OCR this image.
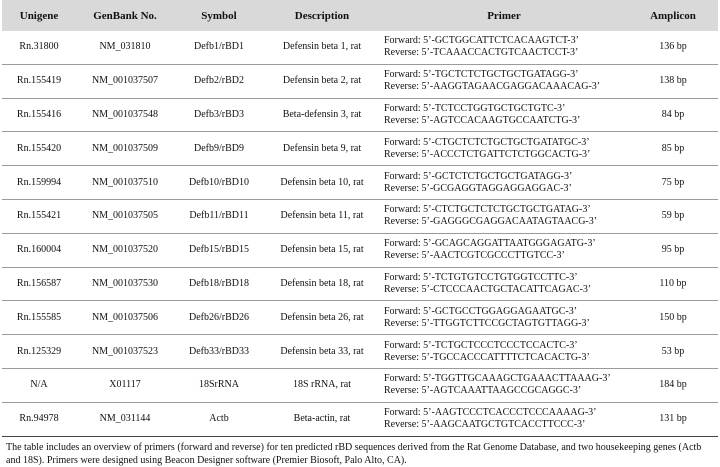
Unigene	GenBank No.	Symbol	Description	Primer	Amplicon
Rn.31800	NM_031810	Defb1/rBD1	Defensin beta 1, rat	Forward: 5’-GCTGGCATTCTCACAAGTCT-3’
Reverse: 5’-TCAAACCACTGTCAACTCCT-3’	136 bp
Rn.155419	NM_001037507	Defb2/rBD2	Defensin beta 2, rat	Forward: 5’-TGCTCTCTGCTGCTGATAGG-3’
Reverse: 5’-AAGGTAGAACGAGGACAAACAG-3’	138 bp
Rn.155416	NM_001037548	Defb3/rBD3	Beta-defensin 3, rat	Forward: 5’-TCTCCTGGTGCTGCTGTC-3’
Reverse: 5’-AGTCCACAAGTGCCAATCTG-3’	84 bp
Rn.155420	NM_001037509	Defb9/rBD9	Defensin beta 9, rat	Forward: 5’-CTGCTCTCTGCTGCTGATATGC-3’
Reverse: 5’-ACCCTCTGATTCTCTGGCACTG-3’	85 bp
Rn.159994	NM_001037510	Defb10/rBD10	Defensin beta 10, rat	Forward: 5’-GCTCTCTGCTGCTGATAGG-3’
Reverse: 5’-GCGAGGTAGGAGGAGGAC-3’	75 bp
Rn.155421	NM_001037505	Defb11/rBD11	Defensin beta 11, rat	Forward: 5’-CTCTGCTCTCTGCTGCTGATAG-3’
Reverse: 5’-GAGGGCGAGGACAATAGTAACG-3’	59 bp
Rn.160004	NM_001037520	Defb15/rBD15	Defensin beta 15, rat	Forward: 5’-GCAGCAGGATTAATGGGAGATG-3’
Reverse: 5’-AACTCGTCGCCCTTGTCC-3’	95 bp
Rn.156587	NM_001037530	Defb18/rBD18	Defensin beta 18, rat	Forward: 5’-TCTGTGTCCTGTGGTCCTTC-3’
Reverse: 5’-CTCCCAACTGCTACATTCAGAC-3’	110 bp
Rn.155585	NM_001037506	Defb26/rBD26	Defensin beta 26, rat	Forward: 5’-GCTGCCTGGAGGAGAATGC-3’
Reverse: 5’-TTGGTCTTCCGCTAGTGTTAGG-3’	150 bp
Rn.125329	NM_001037523	Defb33/rBD33	Defensin beta 33, rat	Forward: 5’-TCTGCTCCCTCCCTCCACTC-3’
Reverse: 5’-TGCCACCCATTTTCTCACACTG-3’	53 bp
N/A	X01117	18SrRNA	18S rRNA, rat	Forward: 5’-TGGTTGCAAAGCTGAAACTTAAAG-3’
Reverse: 5’-AGTCAAATTAAGCCGCAGGC-3’	184 bp
Rn.94978	NM_031144	Actb	Beta-actin, rat	Forward: 5’-AAGTCCCTCACCCTCCCAAAAG-3’
Reverse: 5’-AAGCAATGCTGTCACCTTCCC-3’	131 bp
The table includes an overview of primers (forward and reverse) for ten predicted rBD sequences derived from the Rat Genome Database, and two housekeeping genes (Actb and 18S). Primers were designed using Beacon Designer software (Premier Biosoft, Palo Alto, CA).
